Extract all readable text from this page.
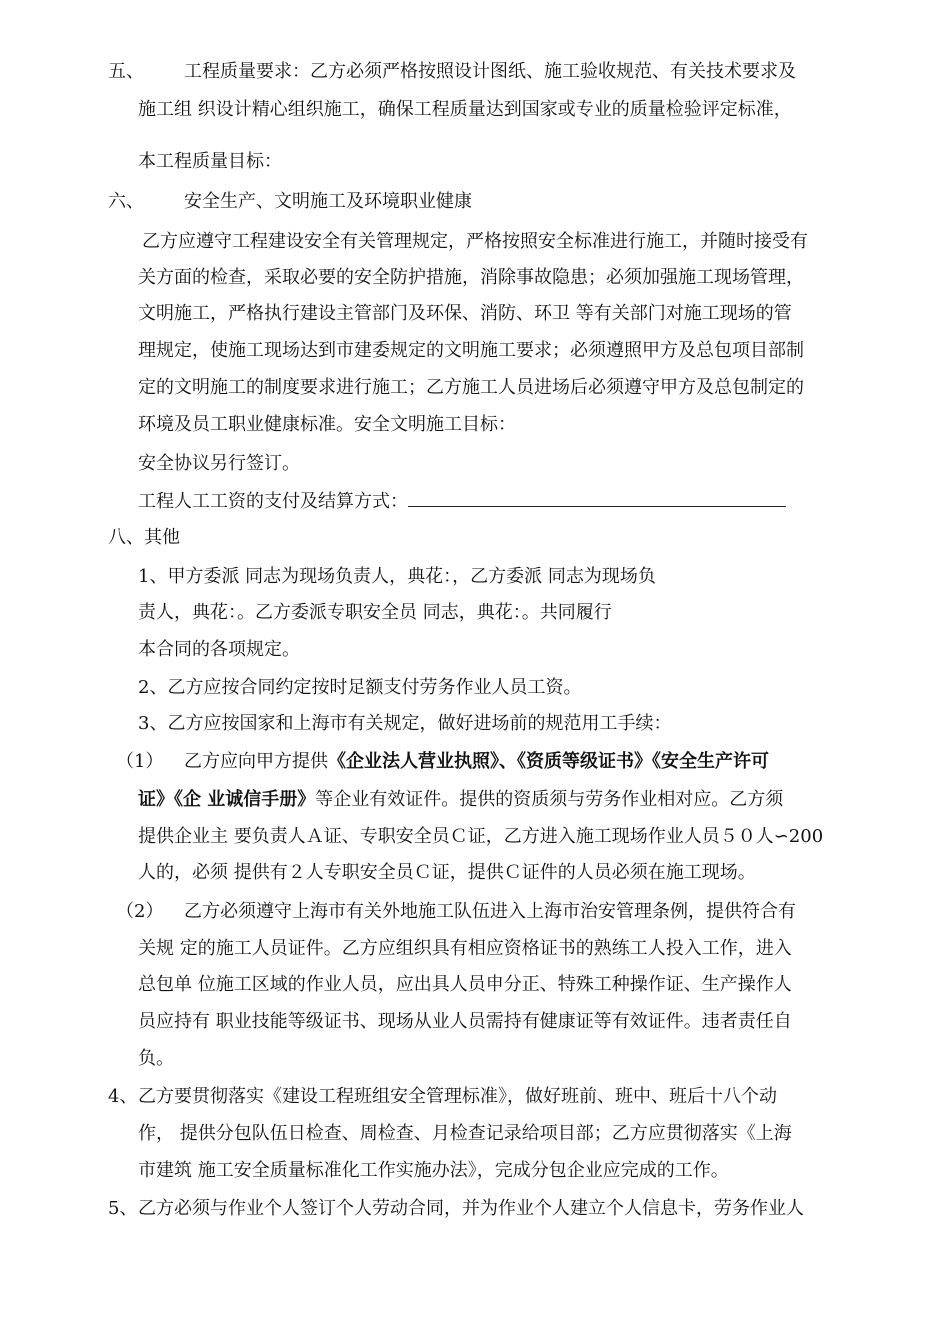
五、 工程质量要求：乙方必须严格按照设计图纸、施工验收规范、有关技术要求及
施工组 织设计精心组织施工，确保工程质量达到国家或专业的质量检验评定标准，
本工程质量目标：
六、 安全生产、文明施工及环境职业健康
乙方应遵守工程建设安全有关管理规定，严格按照安全标准进行施工，并随时接受有
关方面的检查，采取必要的安全防护措施，消除事故隐患；必须加强施工现场管理，
文明施工，严格执行建设主管部门及环保、消防、环卫 等有关部门对施工现场的管
理规定，使施工现场达到市建委规定的文明施工要求；必须遵照甲方及总包项目部制
定的文明施工的制度要求进行施工；乙方施工人员进场后必须遵守甲方及总包制定的
环境及员工职业健康标准。安全文明施工目标：
安全协议另行签订。
工程人工工资的支付及结算方式：
八、其他
1、甲方委派 同志为现场负责人，典花：，乙方委派 同志为现场负
责人，典花：。乙方委派专职安全员 同志，典花：。共同履行
本合同的各项规定。
2、乙方应按合同约定按时足额支付劳务作业人员工资。
3、乙方应按国家和上海市有关规定，做好进场前的规范用工手续：
（1） 乙方应向甲方提供《企业法人营业执照》、《资质等级证书》《安全生产许可
证》《企 业诚信手册》等企业有效证件。提供的资质须与劳务作业相对应。乙方须
提供企业主 要负责人Ａ证、专职安全员Ｃ证，乙方进入施工现场作业人员５０人∽200
人的，必须 提供有２人专职安全员Ｃ证，提供Ｃ证件的人员必须在施工现场。
（2） 乙方必须遵守上海市有关外地施工队伍进入上海市治安管理条例，提供符合有
关规 定的施工人员证件。乙方应组织具有相应资格证书的熟练工人投入工作，进入
总包单 位施工区域的作业人员，应出具人员申分正、特殊工种操作证、生产操作人
员应持有 职业技能等级证书、现场从业人员需持有健康证等有效证件。违者责任自
负。
4、 乙方要贯彻落实《建设工程班组安全管理标准》，做好班前、班中、班后十八个动
作， 提供分包队伍日检查、周检查、月检查记录给项目部；乙方应贯彻落实《上海
市建筑 施工安全质量标准化工作实施办法》，完成分包企业应完成的工作。
5、 乙方必须与作业个人签订个人劳动合同，并为作业个人建立个人信息卡，劳务作业人
